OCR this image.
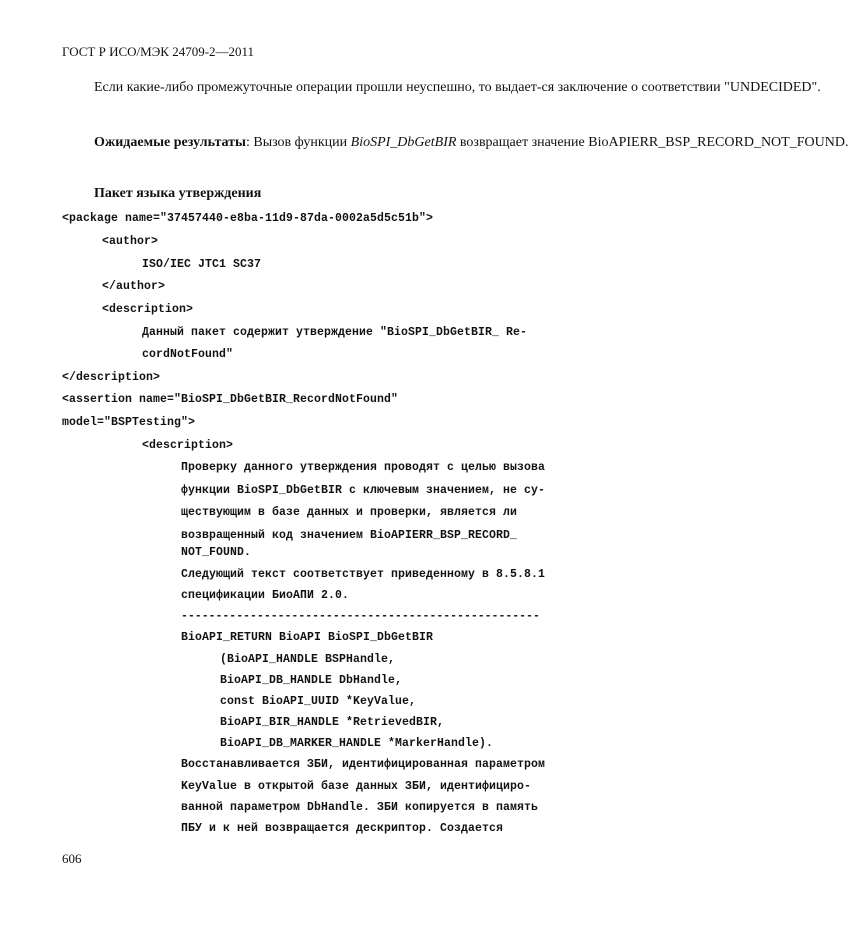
ГОСТ Р ИСО/МЭК 24709-2—2011
Если какие-либо промежуточные операции прошли неуспешно, то выдает-ся заключение о соответствии "UNDECIDED".
Ожидаемые результаты: Вызов функции BioSPI_DbGetBIR возвращает значение BioAPIERR_BSP_RECORD_NOT_FOUND.
Пакет языка утверждения
<package name="37457440-e8ba-11d9-87da-0002a5d5c51b">
<author>
ISO/IEC JTC1 SC37
</author>
<description>
Данный пакет содержит утверждение "BioSPI_DbGetBIR_ Re-
cordNotFound"
</description>
<assertion name="BioSPI_DbGetBIR_RecordNotFound"
model="BSPTesting">
<description>
Проверку данного утверждения проводят с целью вызова
функции BioSPI_DbGetBIR с ключевым значением, не су-
ществующим в базе данных и проверки, является ли
возвращенный код значением BioAPIERR_BSP_RECORD_
NOT_FOUND.
Следующий текст соответствует приведенному в 8.5.8.1
спецификации БиоАПИ 2.0.
----------------------------------------------------
BioAPI_RETURN BioAPI BioSPI_DbGetBIR
(BioAPI_HANDLE BSPHandle,
BioAPI_DB_HANDLE DbHandle,
const BioAPI_UUID *KeyValue,
BioAPI_BIR_HANDLE *RetrievedBIR,
BioAPI_DB_MARKER_HANDLE *MarkerHandle).
Восстанавливается ЗБИ, идентифицированная параметром
KeyValue в открытой базе данных ЗБИ, идентифициро-
ванной параметром DbHandle. ЗБИ копируется в память
ПБУ и к ней возвращается дескриптор. Создается
606
